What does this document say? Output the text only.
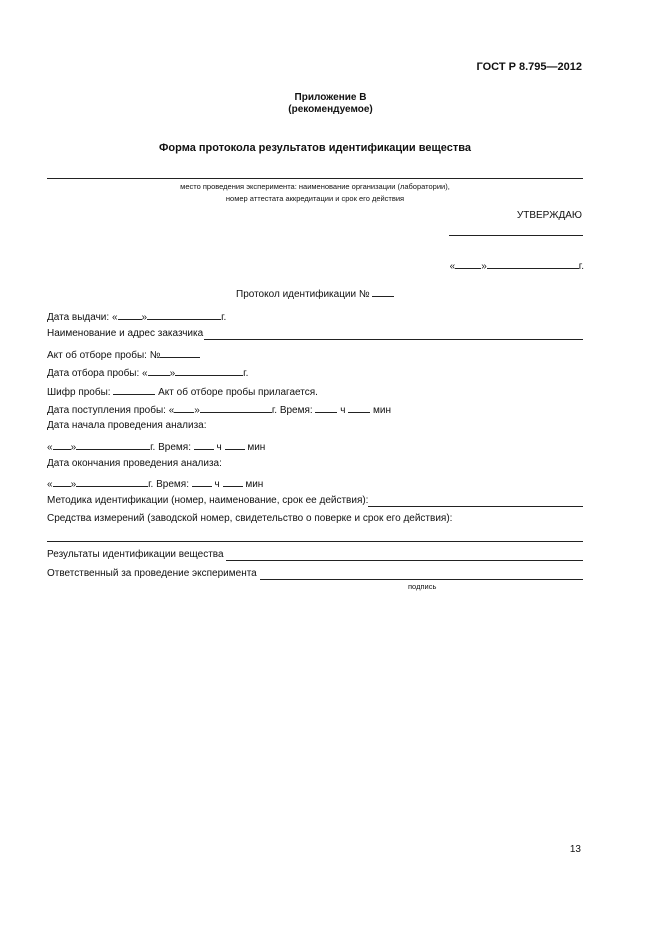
ГОСТ Р 8.795—2012
Приложение В
(рекомендуемое)
Форма протокола результатов идентификации вещества
место проведения эксперимента: наименование организации (лаборатории),
номер аттестата аккредитации и срок его действия
УТВЕРЖДАЮ
«	»	г.
Протокол идентификации №
Дата выдачи: « »	г.
Наименование и адрес заказчика
Акт об отборе пробы: №
Дата отбора пробы: « »	г.
Шифр пробы:	Акт об отборе пробы прилагается.
Дата поступления пробы: « »	г. Время:	ч	мин
Дата начала проведения анализа:
« »	г. Время:	ч	мин
Дата окончания проведения анализа:
« »	г. Время:	ч	мин
Методика идентификации (номер, наименование, срок ее действия):
Средства измерений (заводской номер, свидетельство о поверке и срок его действия):
Результаты идентификации вещества
Ответственный за проведение эксперимента
подпись
13
